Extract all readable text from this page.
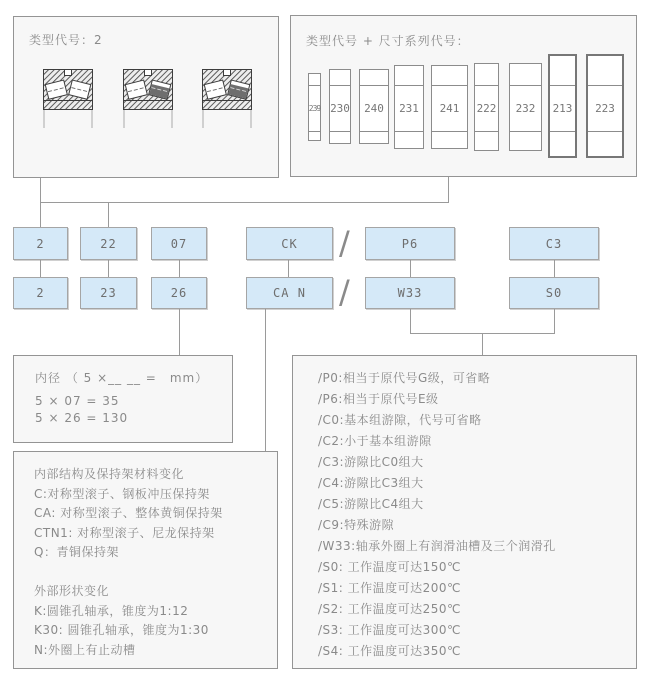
类型代号：2	类型代号 + 尺寸系列代号：
239 230	240	231	241	222	232	213	223
2	22	07	CK	P6	C3
2	23	26	CA N	W33	S0
/
/
内径 （ 5 ×__ __ =　mm）
5 × 07 = 35
5 × 26 = 130
内部结构及保持架材料变化
C:对称型滚子、钢板冲压保持架
CA: 对称型滚子、整体黄铜保持架
CTN1: 对称型滚子、尼龙保持架
Q：青铜保持架
外部形状变化
K:圆锥孔轴承，锥度为1:12
K30: 圆锥孔轴承，锥度为1:30
N:外圈上有止动槽
/P0:相当于原代号G级，可省略
/P6:相当于原代号E级
/C0:基本组游隙，代号可省略
/C2:小于基本组游隙
/C3:游隙比C0组大
/C4:游隙比C3组大
/C5:游隙比C4组大
/C9:特殊游隙
/W33:轴承外圈上有润滑油槽及三个润滑孔
/S0: 工作温度可达150℃
/S1: 工作温度可达200℃
/S2: 工作温度可达250℃
/S3: 工作温度可达300℃
/S4: 工作温度可达350℃
